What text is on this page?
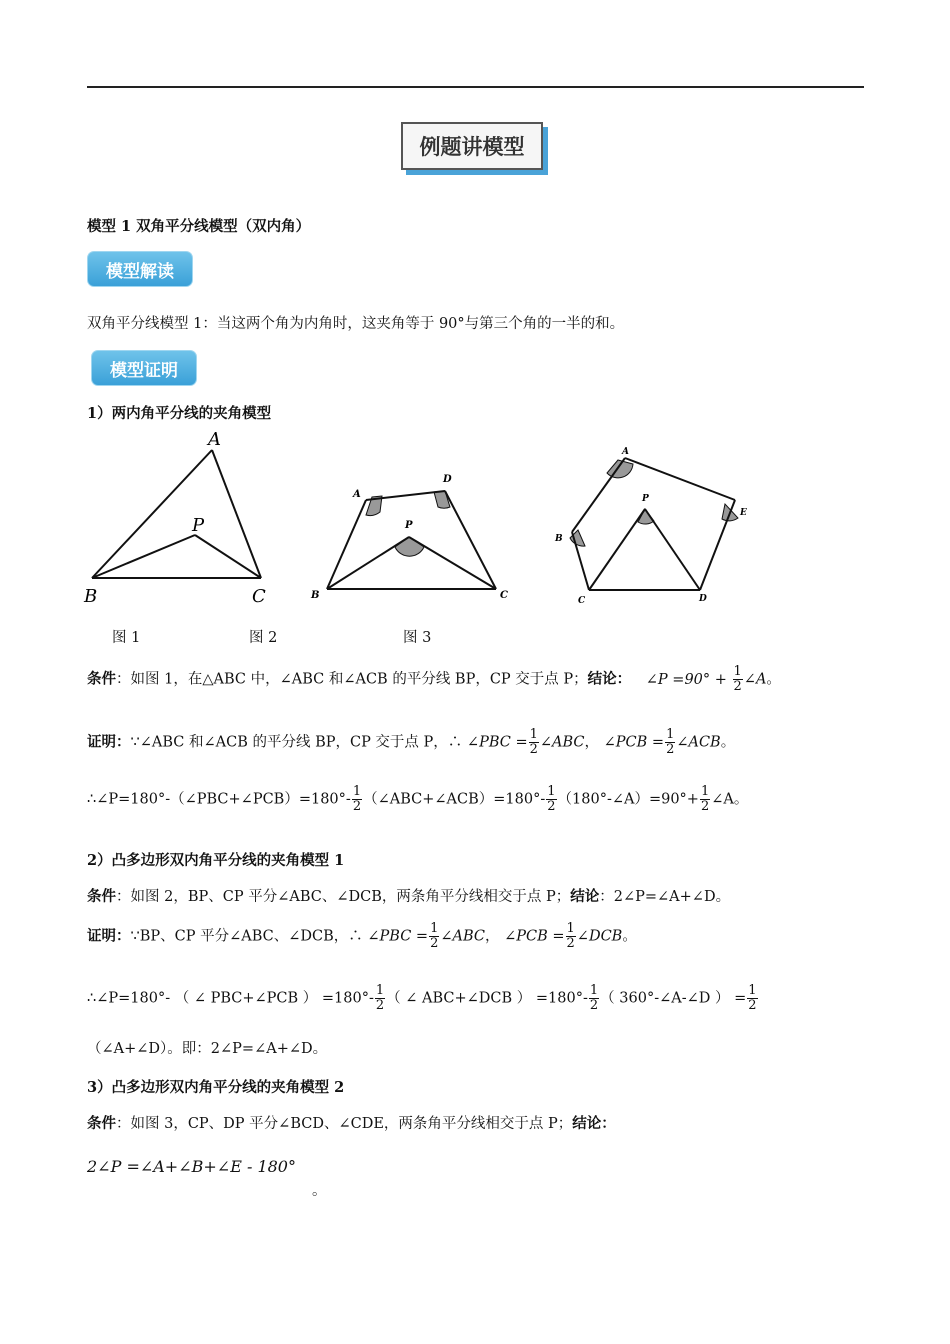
例题讲模型
模型 1 双角平分线模型（双内角）
模型解读
双角平分线模型 1：当这两个角为内角时，这夹角等于 90°与第三个角的一半的和。
模型证明
1）两内角平分线的夹角模型
A
B	C
P
A
D
P
B	C
A
E
P
B
C	D
图 1	图 2	图 3
条件：如图 1，在△ABC 中，∠ABC 和∠ACB 的平分线 BP，CP 交于点 P；结论： ∠P $=90^\circ + \frac{1}{2}$ ∠A。
证明：∵∠ABC 和∠ACB 的平分线 BP，CP 交于点 P，∴ ∠PBC = $\frac{1}{2}$ ∠ABC， ∠PCB = $\frac{1}{2}$ ∠ACB。
∴∠P=180°-（∠PBC+∠PCB）=180°- $\frac{1}{2}$ （∠ABC+∠ACB）=180°- $\frac{1}{2}$ （180°-∠A）=90°+ $\frac{1}{2}$ ∠A。
2）凸多边形双内角平分线的夹角模型 1
条件：如图 2，BP、CP 平分∠ABC、∠DCB，两条角平分线相交于点 P；结论：2∠P=∠A+∠D。
证明：∵BP、CP 平分∠ABC、∠DCB，∴ ∠PBC = $\frac{1}{2}$ ∠ABC， ∠PCB = $\frac{1}{2}$ ∠DCB。
∴∠P=180°- （ ∠ PBC+∠PCB ） $=180^\circ- \frac{1}{2}$ （ ∠ ABC+∠DCB ） $=180^\circ- \frac{1}{2}$ （ 360°-∠A-∠D ） = $\frac{1}{2}$
（∠A+∠D）。即：2∠P=∠A+∠D。
3）凸多边形双内角平分线的夹角模型 2
条件：如图 3，CP、DP 平分∠BCD、∠CDE，两条角平分线相交于点 P；结论：
2∠P =∠A+∠B+∠E - 180°
。
